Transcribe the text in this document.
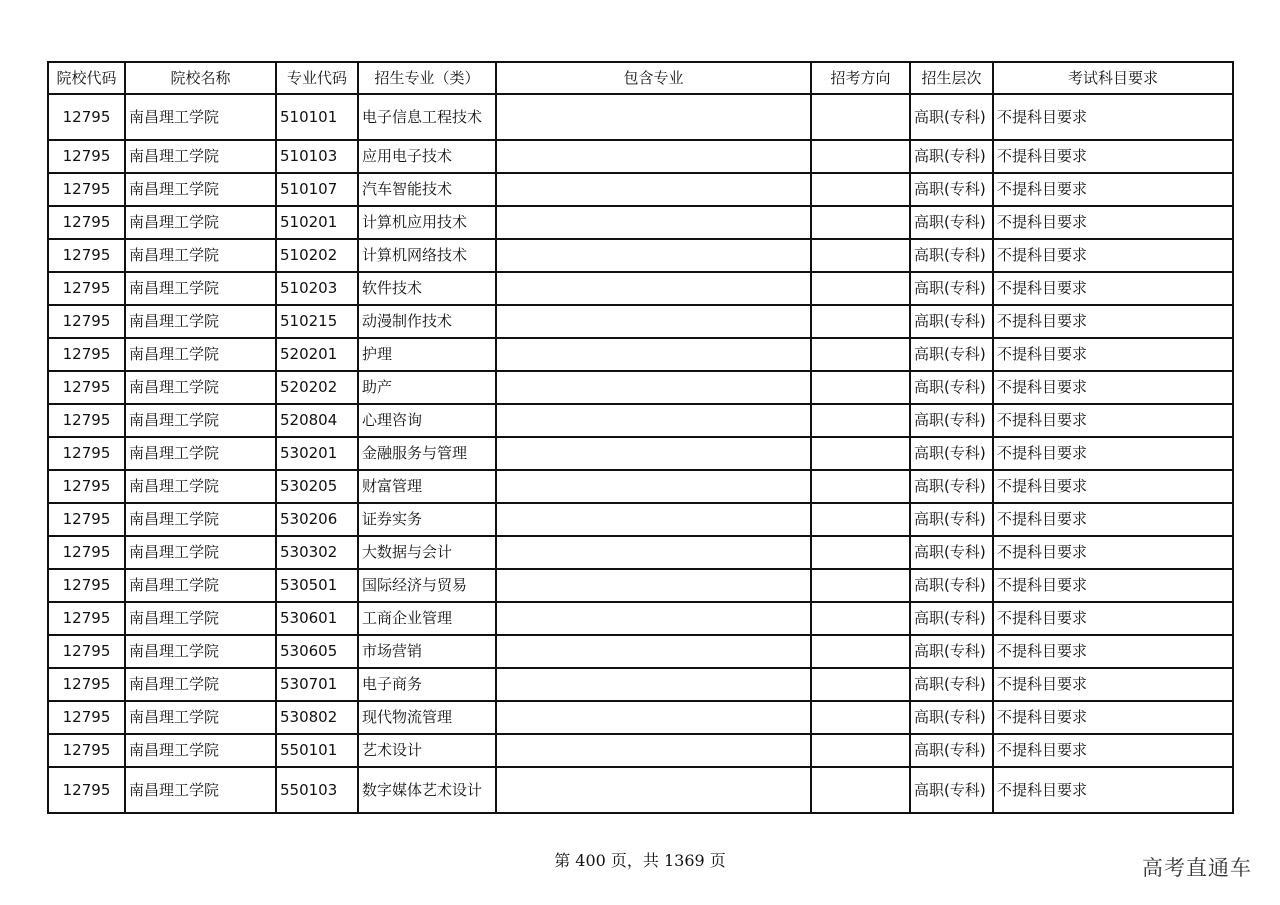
院校代码	院校名称	专业代码	招生专业（类）	包含专业	招考方向	招生层次	考试科目要求
12795	南昌理工学院	510101	电子信息工程技术			高职(专科)	不提科目要求
12795	南昌理工学院	510103	应用电子技术			高职(专科)	不提科目要求
12795	南昌理工学院	510107	汽车智能技术			高职(专科)	不提科目要求
12795	南昌理工学院	510201	计算机应用技术			高职(专科)	不提科目要求
12795	南昌理工学院	510202	计算机网络技术			高职(专科)	不提科目要求
12795	南昌理工学院	510203	软件技术			高职(专科)	不提科目要求
12795	南昌理工学院	510215	动漫制作技术			高职(专科)	不提科目要求
12795	南昌理工学院	520201	护理			高职(专科)	不提科目要求
12795	南昌理工学院	520202	助产			高职(专科)	不提科目要求
12795	南昌理工学院	520804	心理咨询			高职(专科)	不提科目要求
12795	南昌理工学院	530201	金融服务与管理			高职(专科)	不提科目要求
12795	南昌理工学院	530205	财富管理			高职(专科)	不提科目要求
12795	南昌理工学院	530206	证券实务			高职(专科)	不提科目要求
12795	南昌理工学院	530302	大数据与会计			高职(专科)	不提科目要求
12795	南昌理工学院	530501	国际经济与贸易			高职(专科)	不提科目要求
12795	南昌理工学院	530601	工商企业管理			高职(专科)	不提科目要求
12795	南昌理工学院	530605	市场营销			高职(专科)	不提科目要求
12795	南昌理工学院	530701	电子商务			高职(专科)	不提科目要求
12795	南昌理工学院	530802	现代物流管理			高职(专科)	不提科目要求
12795	南昌理工学院	550101	艺术设计			高职(专科)	不提科目要求
12795	南昌理工学院	550103	数字媒体艺术设计			高职(专科)	不提科目要求
第 400 页，共 1369 页	高考直通车
